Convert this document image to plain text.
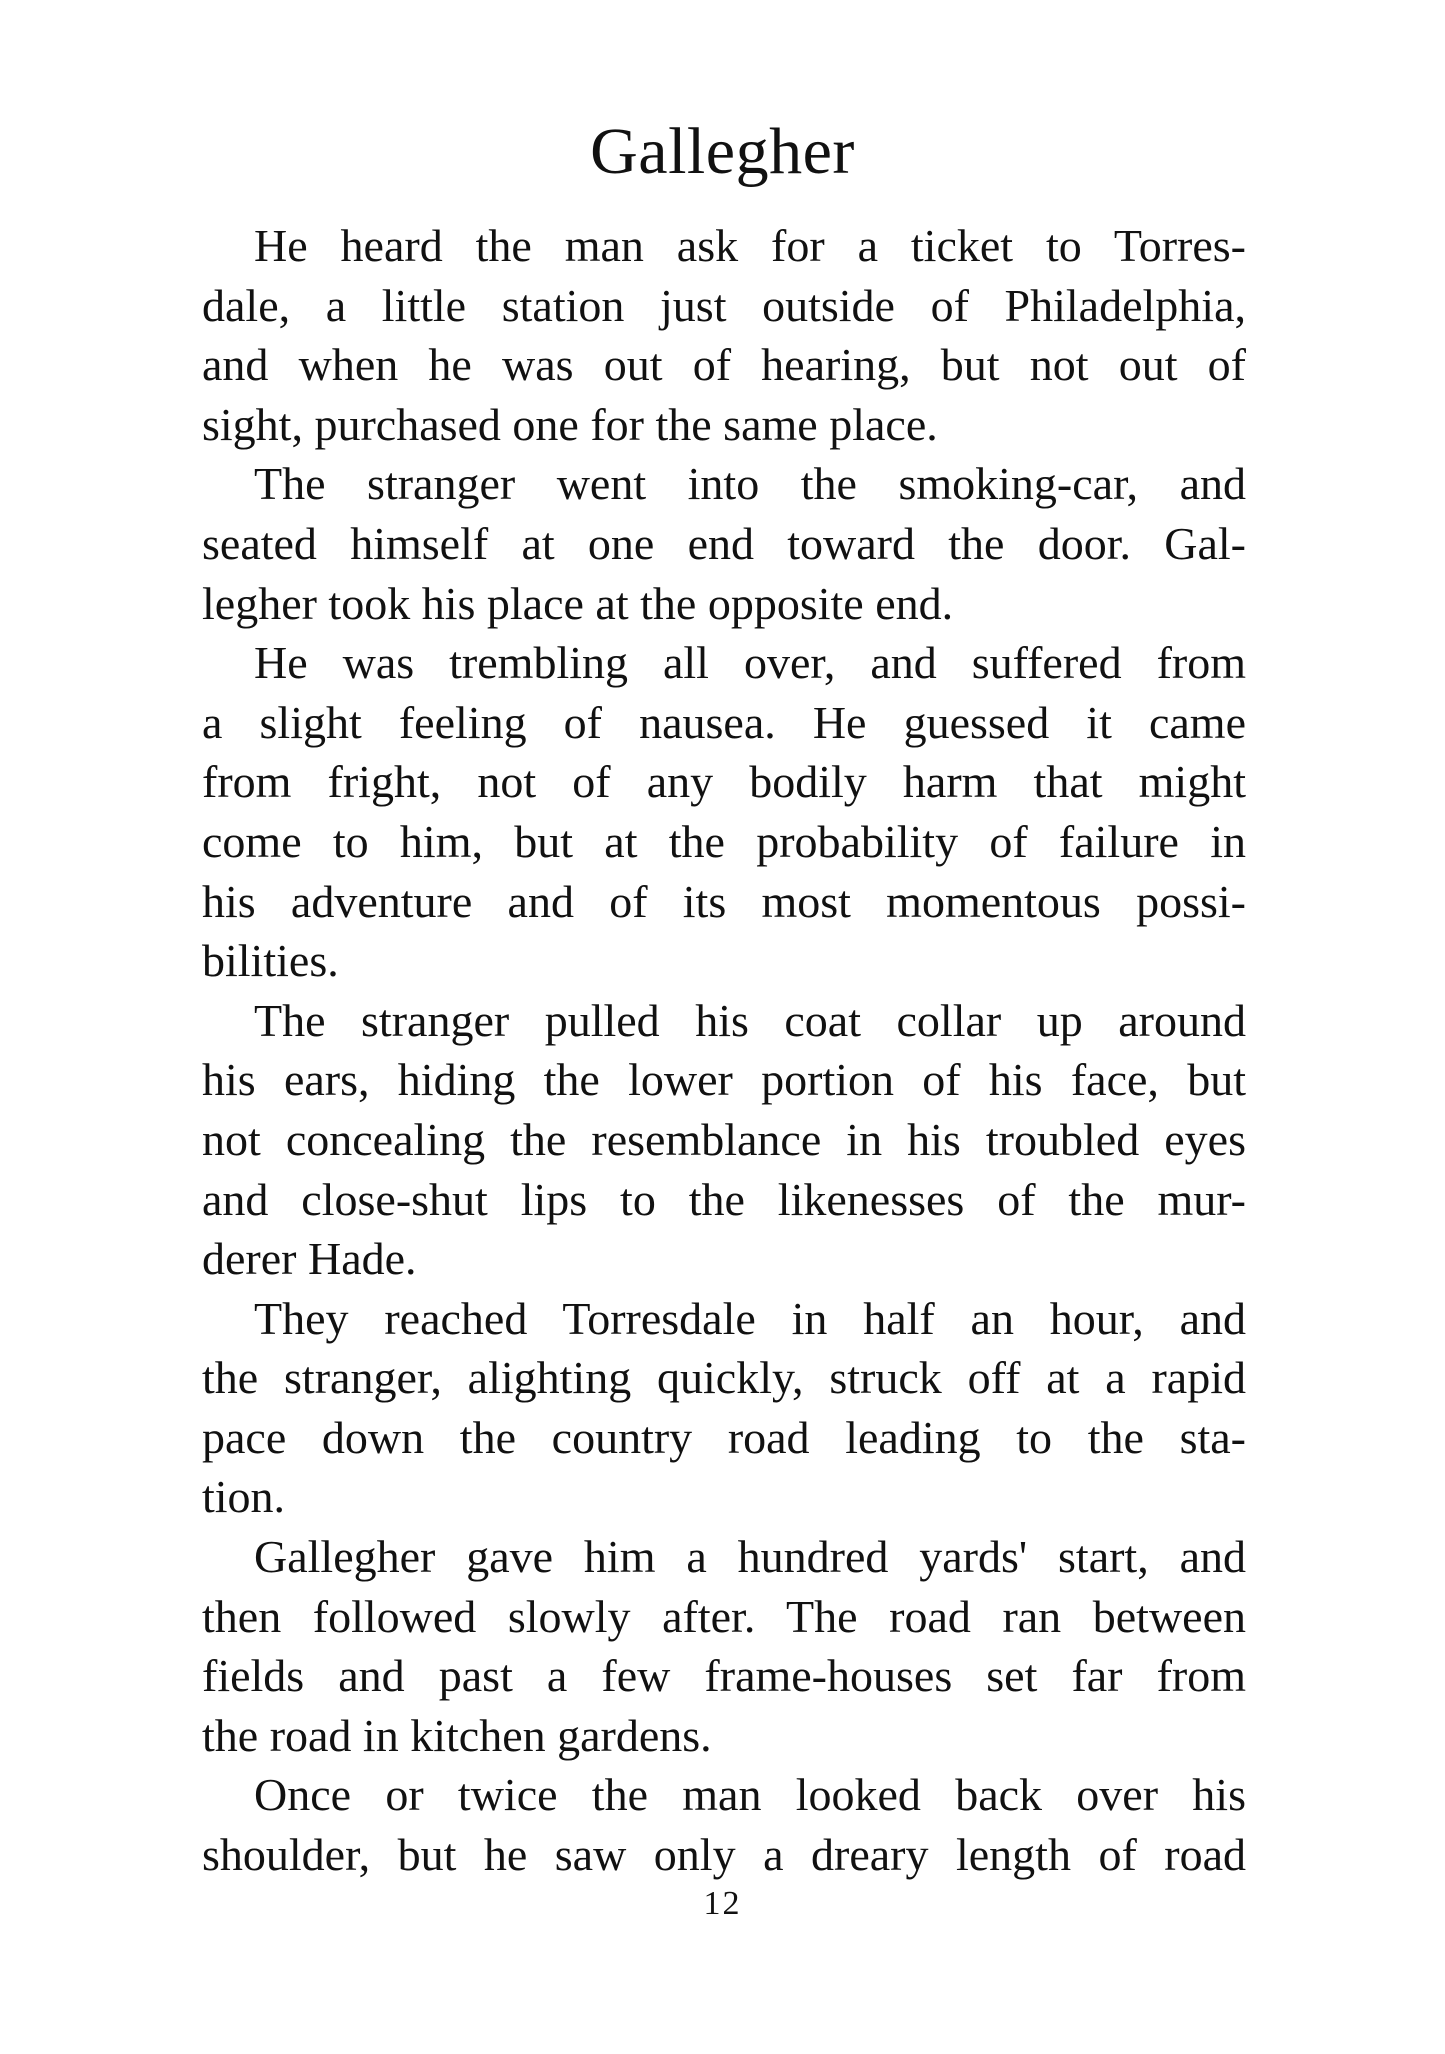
Gallegher
He heard the man ask for a ticket to Torres-
dale, a little station just outside of Philadelphia,
and when he was out of hearing, but not out of
sight, purchased one for the same place.
The stranger went into the smoking-car, and
seated himself at one end toward the door. Gal-
legher took his place at the opposite end.
He was trembling all over, and suffered from
a slight feeling of nausea. He guessed it came
from fright, not of any bodily harm that might
come to him, but at the probability of failure in
his adventure and of its most momentous possi-
bilities.
The stranger pulled his coat collar up around
his ears, hiding the lower portion of his face, but
not concealing the resemblance in his troubled eyes
and close-shut lips to the likenesses of the mur-
derer Hade.
They reached Torresdale in half an hour, and
the stranger, alighting quickly, struck off at a rapid
pace down the country road leading to the sta-
tion.
Gallegher gave him a hundred yards' start, and
then followed slowly after. The road ran between
fields and past a few frame-houses set far from
the road in kitchen gardens.
Once or twice the man looked back over his
shoulder, but he saw only a dreary length of road
12
